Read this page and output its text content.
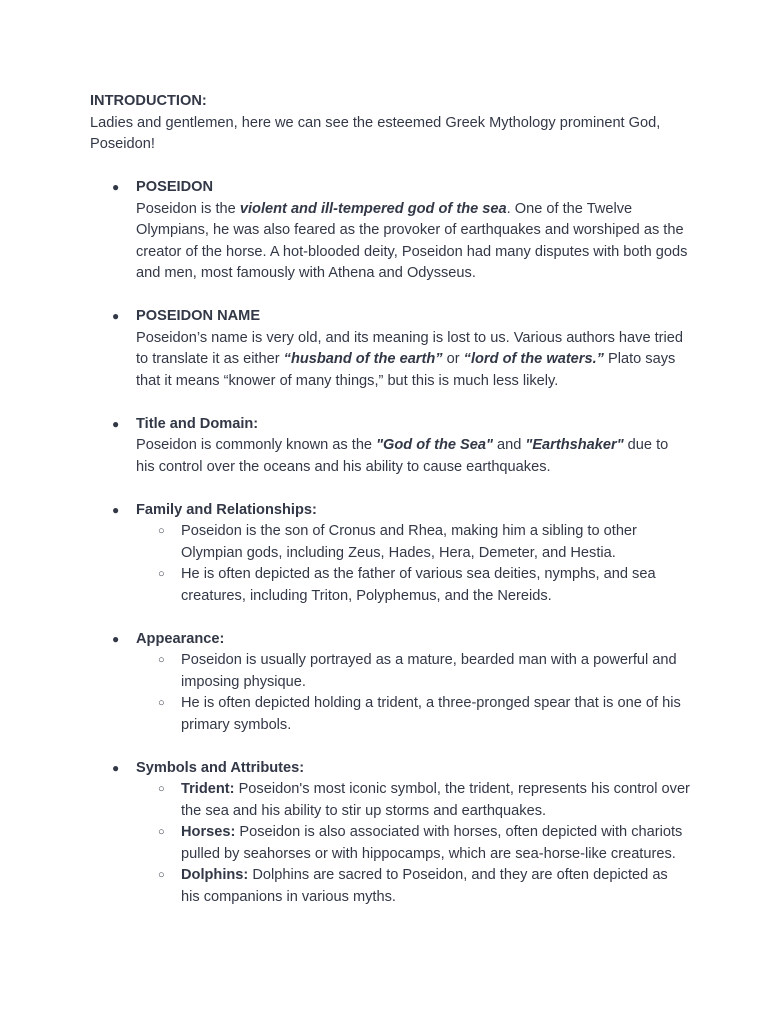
INTRODUCTION:

Ladies and gentlemen, here we can see the esteemed Greek Mythology prominent God, Poseidon!

● POSEIDON

Poseidon is the violent and ill-tempered god of the sea. One of the Twelve Olympians, he was also feared as the provoker of earthquakes and worshiped as the creator of the horse. A hot-blooded deity, Poseidon had many disputes with both gods and men, most famously with Athena and Odysseus.

● POSEIDON NAME

Poseidon’s name is very old, and its meaning is lost to us. Various authors have tried to translate it as either “husband of the earth” or “lord of the waters.” Plato says that it means “knower of many things,” but this is much less likely.

● Title and Domain:

Poseidon is commonly known as the "God of the Sea" and "Earthshaker" due to his control over the oceans and his ability to cause earthquakes.

● Family and Relationships:

○ Poseidon is the son of Cronus and Rhea, making him a sibling to other Olympian gods, including Zeus, Hades, Hera, Demeter, and Hestia.
○ He is often depicted as the father of various sea deities, nymphs, and sea creatures, including Triton, Polyphemus, and the Nereids.
● Appearance:

○ Poseidon is usually portrayed as a mature, bearded man with a powerful and imposing physique.
○ He is often depicted holding a trident, a three-pronged spear that is one of his primary symbols.
● Symbols and Attributes:

○ Trident: Poseidon's most iconic symbol, the trident, represents his control over the sea and his ability to stir up storms and earthquakes.
○ Horses: Poseidon is also associated with horses, often depicted with chariots pulled by seahorses or with hippocamps, which are sea-horse-like creatures.
○ Dolphins: Dolphins are sacred to Poseidon, and they are often depicted as his companions in various myths.
